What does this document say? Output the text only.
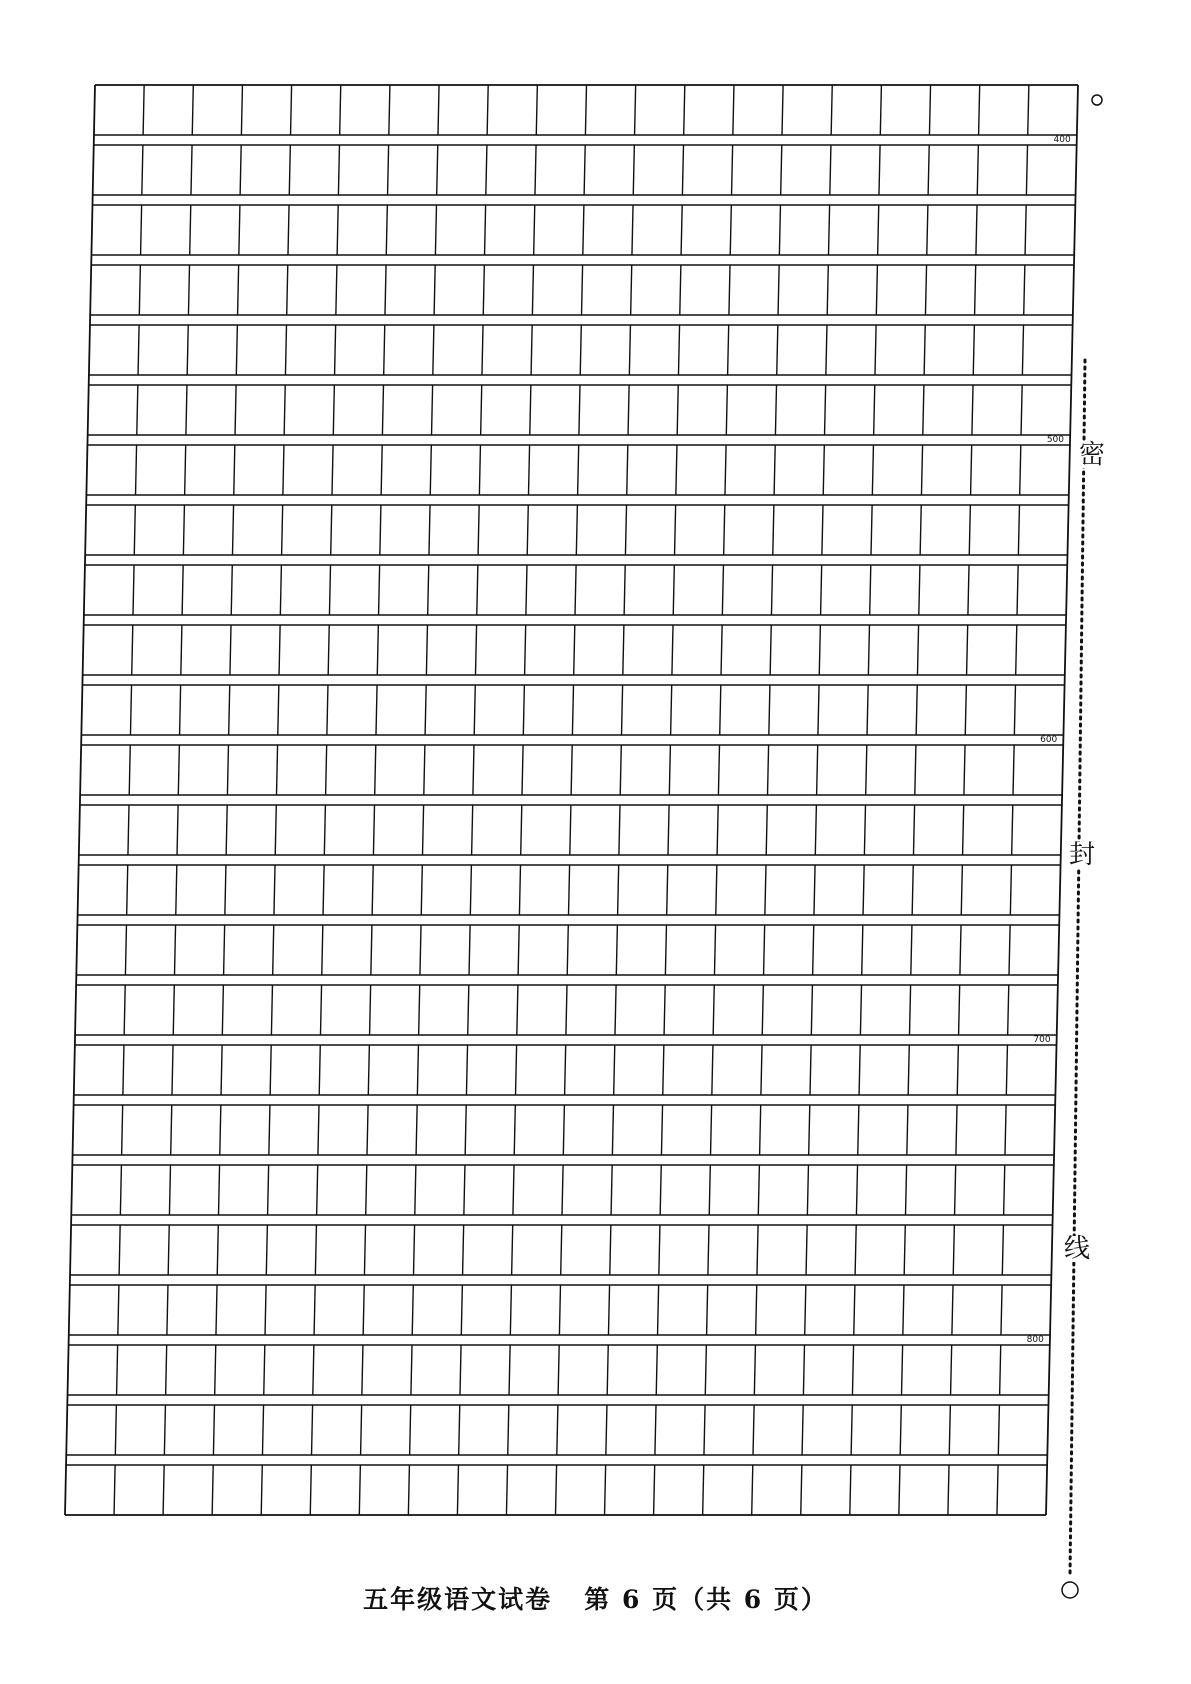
400
500
600
700
800
密
封
线
五年级语文试卷 第 6 页（共 6 页）
